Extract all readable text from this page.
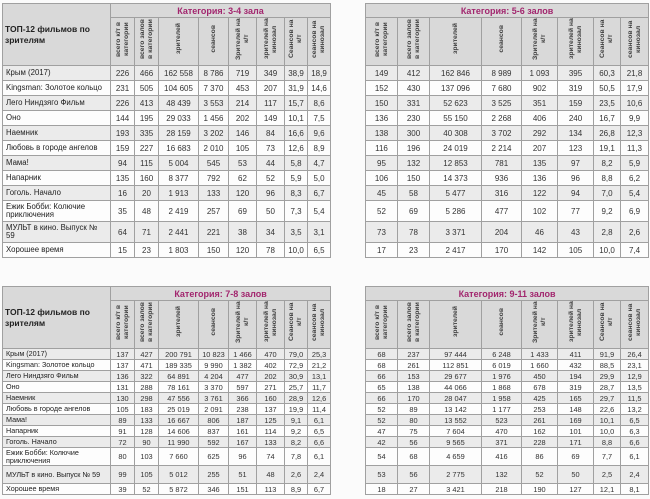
ТОП-12 фильмов по зрителям	Категория: 3-4 зала							
	всего к/т в категории	всего залов в категории	зрителей	сеансов	Зрителей на к/т	зрителей на кинозал	Сеансов на к/т	сеансов на кинозал
Крым (2017)	226	466	162 558	8 786	719	349	38,9	18,9
Kingsman: Золотое кольцо	231	505	104 605	7 370	453	207	31,9	14,6
Лего Ниндзяго Фильм	226	413	48 439	3 553	214	117	15,7	8,6
Оно	144	195	29 033	1 456	202	149	10,1	7,5
Наемник	193	335	28 159	3 202	146	84	16,6	9,6
Любовь в городе ангелов	159	227	16 683	2 010	105	73	12,6	8,9
Мама!	94	115	5 004	545	53	44	5,8	4,7
Напарник	135	160	8 377	792	62	52	5,9	5,0
Гоголь. Начало	16	20	1 913	133	120	96	8,3	6,7
Ежик Бобби: Колючие приключения	35	48	2 419	257	69	50	7,3	5,4
МУЛЬТ в кино. Выпуск № 59	64	71	2 441	221	38	34	3,5	3,1
Хорошее время	15	23	1 803	150	120	78	10,0	6,5
Категория: 5-6 залов							
всего к/т в категории	всего залов в категории	зрителей	сеансов	Зрителей на к/т	зрителей на кинозал	Сеансов на к/т	сеансов на кинозал
149	412	162 846	8 989	1 093	395	60,3	21,8
152	430	137 096	7 680	902	319	50,5	17,9
150	331	52 623	3 525	351	159	23,5	10,6
136	230	55 150	2 268	406	240	16,7	9,9
138	300	40 308	3 702	292	134	26,8	12,3
116	196	24 019	2 214	207	123	19,1	11,3
95	132	12 853	781	135	97	8,2	5,9
106	150	14 373	936	136	96	8,8	6,2
45	58	5 477	316	122	94	7,0	5,4
52	69	5 286	477	102	77	9,2	6,9
73	78	3 371	204	46	43	2,8	2,6
17	23	2 417	170	142	105	10,0	7,4
ТОП-12 фильмов по зрителям	Категория: 7-8 залов							
	всего к/т в категории	всего залов в категории	зрителей	сеансов	Зрителей на к/т	зрителей на кинозал	Сеансов на к/т	сеансов на кинозал
Крым (2017)	137	427	200 791	10 823	1 466	470	79,0	25,3
Kingsman: Золотое кольцо	137	471	189 335	9 990	1 382	402	72,9	21,2
Лего Ниндзяго Фильм	136	322	64 891	4 204	477	202	30,9	13,1
Оно	131	288	78 161	3 370	597	271	25,7	11,7
Наемник	130	298	47 556	3 761	366	160	28,9	12,6
Любовь в городе ангелов	105	183	25 019	2 091	238	137	19,9	11,4
Мама!	89	133	16 667	806	187	125	9,1	6,1
Напарник	91	128	14 606	837	161	114	9,2	6,5
Гоголь. Начало	72	90	11 990	592	167	133	8,2	6,6
Ежик Бобби: Колючие приключения	80	103	7 660	625	96	74	7,8	6,1
МУЛЬТ в кино. Выпуск № 59	99	105	5 012	255	51	48	2,6	2,4
Хорошее время	39	52	5 872	346	151	113	8,9	6,7
Категория: 9-11 залов							
всего к/т в категории	всего залов в категории	зрителей	сеансов	Зрителей на к/т	зрителей на кинозал	Сеансов на к/т	сеансов на кинозал
68	237	97 444	6 248	1 433	411	91,9	26,4
68	261	112 851	6 019	1 660	432	88,5	23,1
66	153	29 677	1 976	450	194	29,9	12,9
65	138	44 066	1 868	678	319	28,7	13,5
66	170	28 047	1 958	425	165	29,7	11,5
52	89	13 142	1 177	253	148	22,6	13,2
52	80	13 552	523	261	169	10,1	6,5
47	75	7 604	470	162	101	10,0	6,3
42	56	9 565	371	228	171	8,8	6,6
54	68	4 659	416	86	69	7,7	6,1
53	56	2 775	132	52	50	2,5	2,4
18	27	3 421	218	190	127	12,1	8,1
